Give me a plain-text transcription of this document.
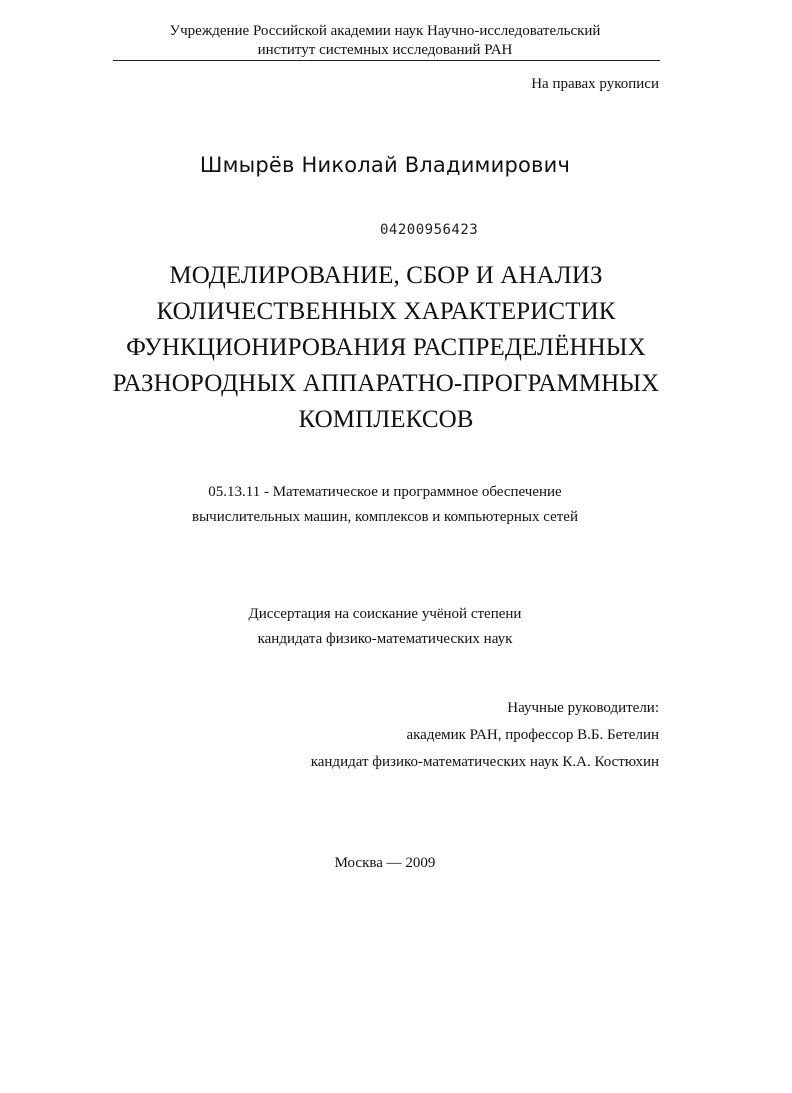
Учреждение Российской академии наук Научно-исследовательский
институт системных исследований РАН
На правах рукописи
Шмырёв Николай Владимирович
04200956423
МОДЕЛИРОВАНИЕ, СБОР И АНАЛИЗ
КОЛИЧЕСТВЕННЫХ ХАРАКТЕРИСТИК
ФУНКЦИОНИРОВАНИЯ РАСПРЕДЕЛЁННЫХ
РАЗНОРОДНЫХ АППАРАТНО-ПРОГРАММНЫХ
КОМПЛЕКСОВ
05.13.11 - Математическое и программное обеспечение
вычислительных машин, комплексов и компьютерных сетей
Диссертация на соискание учёной степени
кандидата физико-математических наук
Научные руководители:
академик РАН, профессор В.Б. Бетелин
кандидат физико-математических наук К.А. Костюхин
Москва — 2009
